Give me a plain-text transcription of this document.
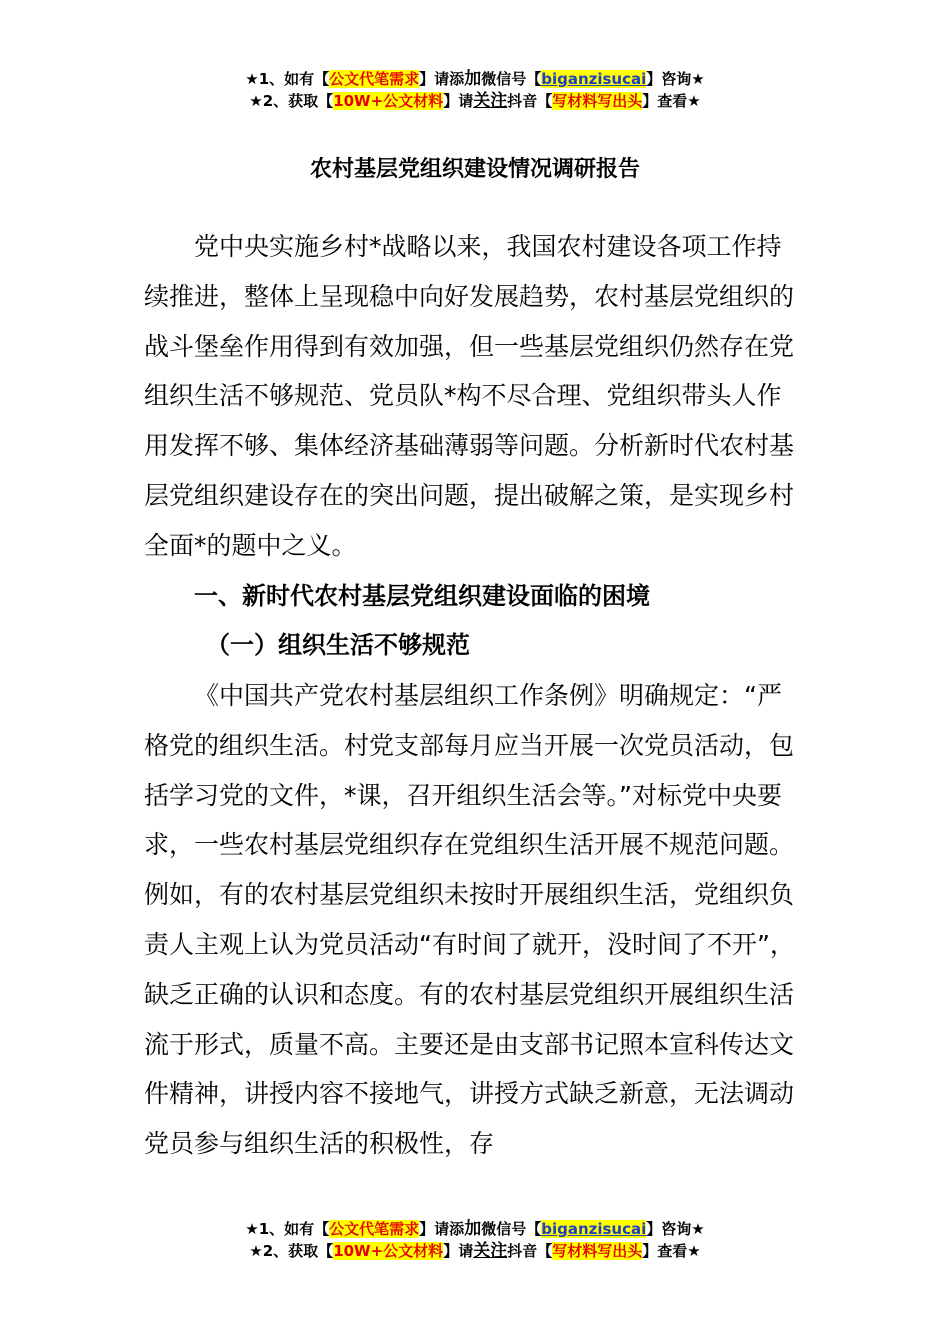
★1、如有【公文代笔需求】请添加微信号【biganzisucai】咨询★
★2、获取【10W+公文材料】请关注抖音【写材料写出头】查看★
农村基层党组织建设情况调研报告
党中央实施乡村*战略以来，我国农村建设各项工作持续推进，整体上呈现稳中向好发展趋势，农村基层党组织的战斗堡垒作用得到有效加强，但一些基层党组织仍然存在党组织生活不够规范、党员队*构不尽合理、党组织带头人作用发挥不够、集体经济基础薄弱等问题。分析新时代农村基层党组织建设存在的突出问题，提出破解之策，是实现乡村全面*的题中之义。
一、新时代农村基层党组织建设面临的困境
（一）组织生活不够规范
《中国共产党农村基层组织工作条例》明确规定：“严格党的组织生活。村党支部每月应当开展一次党员活动，包括学习党的文件，*课，召开组织生活会等。”对标党中央要求，一些农村基层党组织存在党组织生活开展不规范问题。例如，有的农村基层党组织未按时开展组织生活，党组织负责人主观上认为党员活动“有时间了就开，没时间了不开”，缺乏正确的认识和态度。有的农村基层党组织开展组织生活流于形式，质量不高。主要还是由支部书记照本宣科传达文件精神，讲授内容不接地气，讲授方式缺乏新意，无法调动党员参与组织生活的积极性，存
★1、如有【公文代笔需求】请添加微信号【biganzisucai】咨询★
★2、获取【10W+公文材料】请关注抖音【写材料写出头】查看★
